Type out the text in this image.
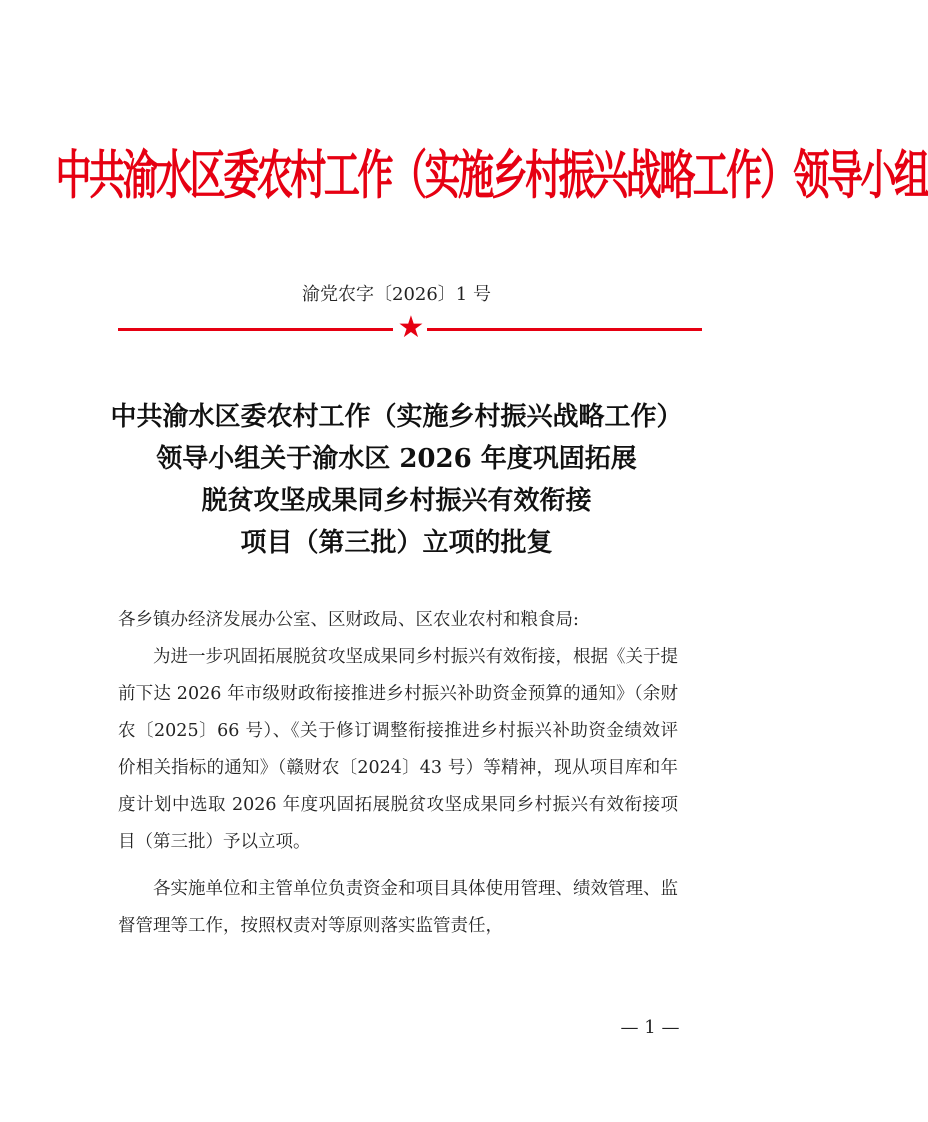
中共渝水区委农村工作（实施乡村振兴战略工作）领导小组
渝党农字〔2026〕1 号
★
中共渝水区委农村工作（实施乡村振兴战略工作）
领导小组关于渝水区 2026 年度巩固拓展
脱贫攻坚成果同乡村振兴有效衔接
项目（第三批）立项的批复

各乡镇办经济发展办公室、区财政局、区农业农村和粮食局:

为进一步巩固拓展脱贫攻坚成果同乡村振兴有效衔接，根据《关于提前下达 2026 年市级财政衔接推进乡村振兴补助资金预算的通知》（余财农〔2025〕66 号）、《关于修订调整衔接推进乡村振兴补助资金绩效评价相关指标的通知》（赣财农〔2024〕43 号）等精神，现从项目库和年度计划中选取 2026 年度巩固拓展脱贫攻坚成果同乡村振兴有效衔接项目（第三批）予以立项。

各实施单位和主管单位负责资金和项目具体使用管理、绩效管理、监督管理等工作，按照权责对等原则落实监管责任，

— 1 —
